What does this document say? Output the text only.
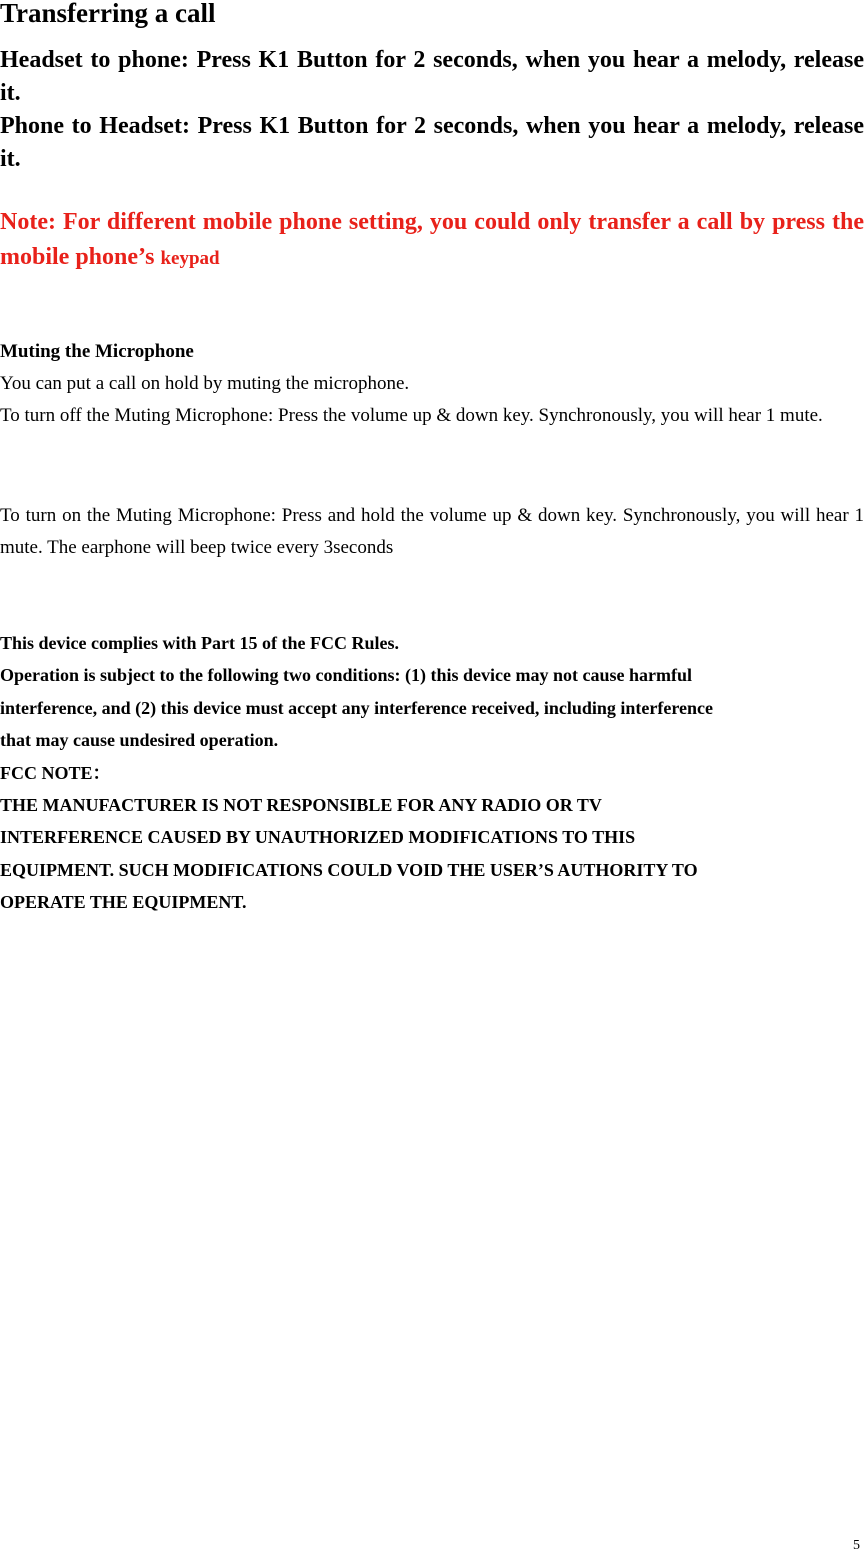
Transferring a call

Headset to phone: Press K1 Button for 2 seconds, when you hear a melody, release it.

Phone to Headset: Press K1 Button for 2 seconds, when you hear a melody, release it.

Note: For different mobile phone setting, you could only transfer a call by press the mobile phone’s keypad

Muting the Microphone

You can put a call on hold by muting the microphone.

To turn off the Muting Microphone: Press the volume up & down key. Synchronously, you will hear 1 mute.

To turn on the Muting Microphone: Press and hold the volume up & down key. Synchronously, you will hear 1 mute. The earphone will beep twice every 3seconds

This device complies with Part 15 of the FCC Rules.

Operation is subject to the following two conditions: (1) this device may not cause harmful

interference, and (2) this device must accept any interference received, including interference

that may cause undesired operation.

FCC NOTE：

THE MANUFACTURER IS NOT RESPONSIBLE FOR ANY RADIO OR TV

INTERFERENCE CAUSED BY UNAUTHORIZED MODIFICATIONS TO THIS

EQUIPMENT. SUCH MODIFICATIONS COULD VOID THE USER’S AUTHORITY TO

OPERATE THE EQUIPMENT.

5
